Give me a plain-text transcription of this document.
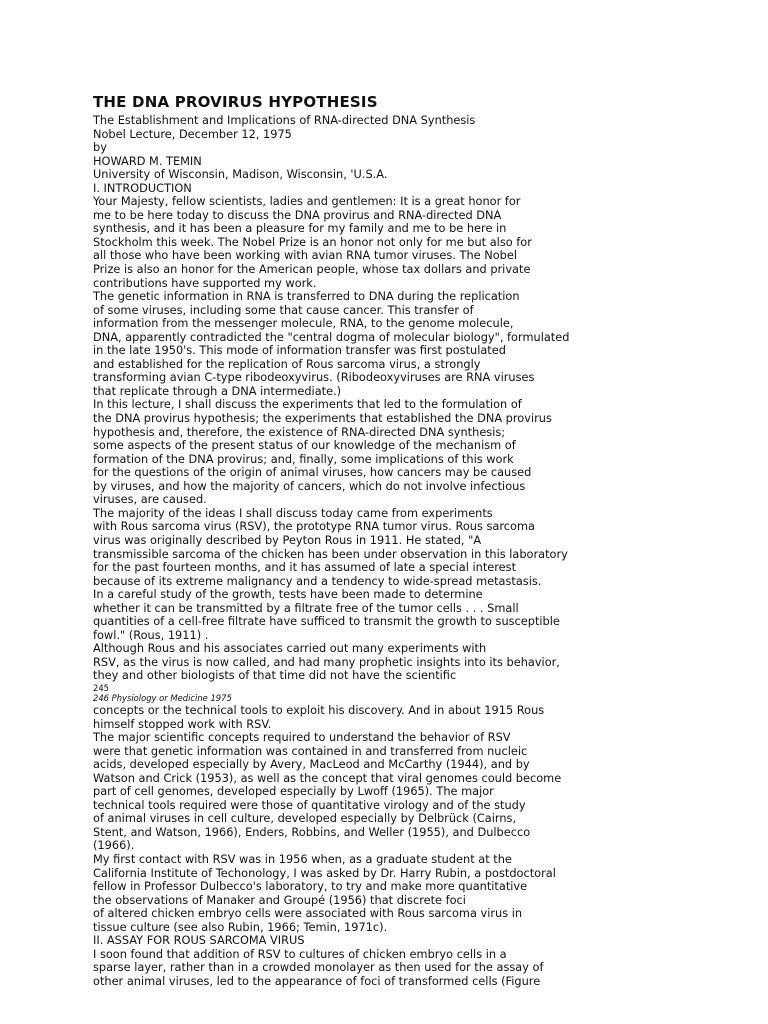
THE DNA PROVIRUS HYPOTHESIS
The Establishment and Implications of RNA-directed DNA Synthesis
Nobel Lecture, December 12, 1975
by
HOWARD M. TEMIN
University of Wisconsin, Madison, Wisconsin, 'U.S.A.
I. INTRODUCTION
Your Majesty, fellow scientists, ladies and gentlemen: It is a great honor for
me to be here today to discuss the DNA provirus and RNA-directed DNA
synthesis, and it has been a pleasure for my family and me to be here in
Stockholm this week. The Nobel Prize is an honor not only for me but also for
all those who have been working with avian RNA tumor viruses. The Nobel
Prize is also an honor for the American people, whose tax dollars and private
contributions have supported my work.
The genetic information in RNA is transferred to DNA during the replication
of some viruses, including some that cause cancer. This transfer of
information from the messenger molecule, RNA, to the genome molecule,
DNA, apparently contradicted the "central dogma of molecular biology", formulated
in the late 1950's. This mode of information transfer was first postulated
and established for the replication of Rous sarcoma virus, a strongly
transforming avian C-type ribodeoxyvirus. (Ribodeoxyviruses are RNA viruses
that replicate through a DNA intermediate.)
In this lecture, I shall discuss the experiments that led to the formulation of
the DNA provirus hypothesis; the experiments that established the DNA provirus
hypothesis and, therefore, the existence of RNA-directed DNA synthesis;
some aspects of the present status of our knowledge of the mechanism of
formation of the DNA provirus; and, finally, some implications of this work
for the questions of the origin of animal viruses, how cancers may be caused
by viruses, and how the majority of cancers, which do not involve infectious
viruses, are caused.
The majority of the ideas I shall discuss today came from experiments
with Rous sarcoma virus (RSV), the prototype RNA tumor virus. Rous sarcoma
virus was originally described by Peyton Rous in 1911. He stated, "A
transmissible sarcoma of the chicken has been under observation in this laboratory
for the past fourteen months, and it has assumed of late a special interest
because of its extreme malignancy and a tendency to wide-spread metastasis.
In a careful study of the growth, tests have been made to determine
whether it can be transmitted by a filtrate free of the tumor cells . . . Small
quantities of a cell-free filtrate have sufficed to transmit the growth to susceptible
fowl." (Rous, 1911) .
Although Rous and his associates carried out many experiments with
RSV, as the virus is now called, and had many prophetic insights into its behavior,
they and other biologists of that time did not have the scientific
245
246 Physiology or Medicine 1975
concepts or the technical tools to exploit his discovery. And in about 1915 Rous
himself stopped work with RSV.
The major scientific concepts required to understand the behavior of RSV
were that genetic information was contained in and transferred from nucleic
acids, developed especially by Avery, MacLeod and McCarthy (1944), and by
Watson and Crick (1953), as well as the concept that viral genomes could become
part of cell genomes, developed especially by Lwoff (1965). The major
technical tools required were those of quantitative virology and of the study
of animal viruses in cell culture, developed especially by Delbrück (Cairns,
Stent, and Watson, 1966), Enders, Robbins, and Weller (1955), and Dulbecco
(1966).
My first contact with RSV was in 1956 when, as a graduate student at the
California Institute of Techonology, I was asked by Dr. Harry Rubin, a postdoctoral
fellow in Professor Dulbecco's laboratory, to try and make more quantitative
the observations of Manaker and Groupé (1956) that discrete foci
of altered chicken embryo cells were associated with Rous sarcoma virus in
tissue culture (see also Rubin, 1966; Temin, 1971c).
II. ASSAY FOR ROUS SARCOMA VIRUS
I soon found that addition of RSV to cultures of chicken embryo cells in a
sparse layer, rather than in a crowded monolayer as then used for the assay of
other animal viruses, led to the appearance of foci of transformed cells (Figure
